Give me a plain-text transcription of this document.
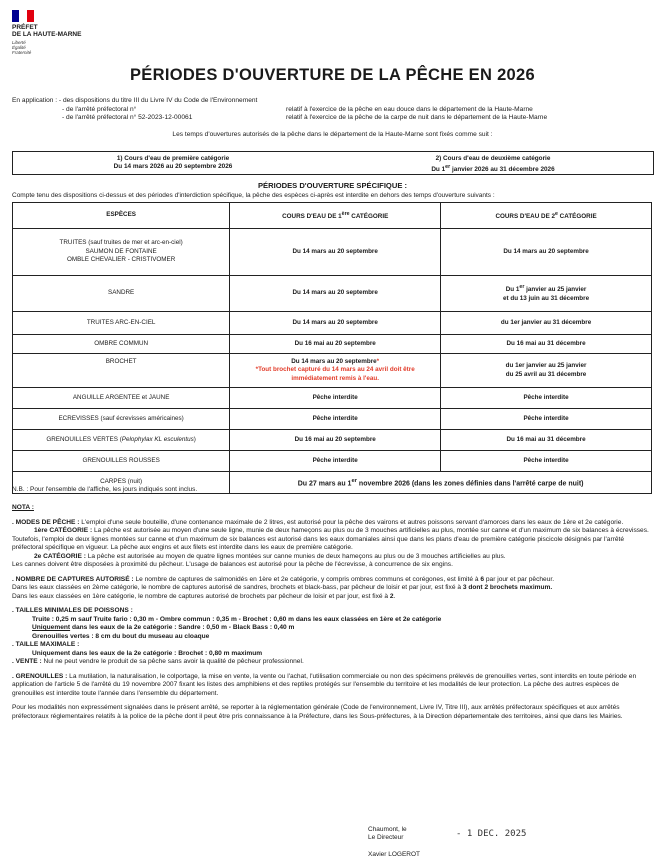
PRÉFET
DE LA HAUTE-MARNE
Liberté
Égalité
Fraternité
PÉRIODES D'OUVERTURE DE LA PÊCHE EN 2026
En application : - des dispositions du titre III du Livre IV du Code de l'Environnement
- de l'arrêté préfectoral n°	relatif à l'exercice de la pêche en eau douce dans le département de la Haute-Marne
- de l'arrêté préfectoral n° 52-2023-12-00061	relatif à l'exercice de la pêche de la carpe de nuit dans le département de la Haute-Marne
Les temps d'ouvertures autorisés de la pêche dans le département de la Haute-Marne sont fixés comme suit :
1) Cours d'eau de première catégorie
Du 14 mars 2026 au 20 septembre 2026
2) Cours d'eau de deuxième catégorie
Du 1er janvier 2026 au 31 décembre 2026
PÉRIODES D'OUVERTURE SPÉCIFIQUE :
Compte tenu des dispositions ci-dessus et des périodes d'interdiction spécifique, la pêche des espèces ci-après est interdite en dehors des temps d'ouverture suivants :
ESPÈCES	COURS D'EAU DE 1ère CATÉGORIE	COURS D'EAU DE 2e CATÉGORIE
TRUITES (sauf truites de mer et arc-en-ciel)
SAUMON DE FONTAINE
OMBLE CHEVALIER - CRISTIVOMER	Du 14 mars au 20 septembre	Du 14 mars au 20 septembre
SANDRE	Du 14 mars au 20 septembre	Du 1er janvier au 25 janvier
et du 13 juin au 31 décembre
TRUITES ARC-EN-CIEL	Du 14 mars au 20 septembre	du 1er janvier au 31 décembre
OMBRE COMMUN	Du 16 mai au 20 septembre	Du 16 mai au 31 décembre
BROCHET	Du 14 mars au 20 septembre*
*Tout brochet capturé du 14 mars au 24 avril doit être immédiatement remis à l'eau.	du 1er janvier au 25 janvier
du 25 avril au 31 décembre
ANGUILLE ARGENTEE et JAUNE	Pêche interdite	Pêche interdite
ECREVISSES (sauf écrevisses américaines)	Pêche interdite	Pêche interdite
GRENOUILLES VERTES (Pelophylax KL esculentus)	Du 16 mai au 20 septembre	Du 16 mai au 31 décembre
GRENOUILLES ROUSSES	Pêche interdite	Pêche interdite
CARPES (nuit)	Du 27 mars au 1er novembre 2026 (dans les zones définies dans l'arrêté carpe de nuit)	
N.B. : Pour l'ensemble de l'affiche, les jours indiqués sont inclus.

NOTA :

. MODES DE PÊCHE : L'emploi d'une seule bouteille, d'une contenance maximale de 2 litres, est autorisé pour la pêche des vairons et autres poissons servant d'amorces dans les eaux de 1ère et 2e catégorie.

1ère CATÉGORIE : La pêche est autorisée au moyen d'une seule ligne, munie de deux hameçons au plus ou de 3 mouches artificielles au plus, montée sur canne et d'un maximum de six balances à écrevisses. Toutefois, l'emploi de deux lignes montées sur canne et d'un maximum de six balances est autorisé dans les eaux domaniales ainsi que dans les plans d'eau de première catégorie piscicole désignés par l'arrêté préfectoral spécifique en vigueur. La pêche aux engins et aux filets est interdite dans les eaux de première catégorie.

2e CATÉGORIE : La pêche est autorisée au moyen de quatre lignes montées sur canne munies de deux hameçons au plus ou de 3 mouches artificielles au plus.

Les cannes doivent être disposées à proximité du pêcheur. L'usage de balances est autorisé pour la pêche de l'écrevisse, à concurrence de six engins.

. NOMBRE DE CAPTURES AUTORISÉ : Le nombre de captures de salmonidés en 1ère et 2e catégorie, y compris ombres communs et corégones, est limité à 6 par jour et par pêcheur.

Dans les eaux classées en 2ème catégorie, le nombre de captures autorisé de sandres, brochets et black-bass, par pêcheur de loisir et par jour, est fixé à 3 dont 2 brochets maximum.

Dans les eaux classées en 1ère catégorie, le nombre de captures autorisé de brochets par pêcheur de loisir et par jour, est fixé à 2.

. TAILLES MINIMALES DE POISSONS :

Truite : 0,25 m sauf Truite fario : 0,30 m - Ombre commun : 0,35 m - Brochet : 0,60 m dans les eaux classées en 1ère et 2e catégorie

Uniquement dans les eaux de la 2e catégorie : Sandre : 0,50 m - Black Bass : 0,40 m

Grenouilles vertes : 8 cm du bout du museau au cloaque

. TAILLE MAXIMALE :

Uniquement dans les eaux de la 2e catégorie : Brochet : 0,80 m maximum

. VENTE : Nul ne peut vendre le produit de sa pêche sans avoir la qualité de pêcheur professionnel.

. GRENOUILLES : La mutilation, la naturalisation, le colportage, la mise en vente, la vente ou l'achat, l'utilisation commerciale ou non des spécimens prélevés de grenouilles vertes, sont interdits en toute période en application de l'article 5 de l'arrêté du 19 novembre 2007 fixant les listes des amphibiens et des reptiles protégés sur l'ensemble du territoire et les modalités de leur protection. La pêche des autres espèces de grenouilles est interdite toute l'année dans l'ensemble du département.

Pour les modalités non expressément signalées dans le présent arrêté, se reporter à la réglementation générale (Code de l'environnement, Livre IV, Titre III), aux arrêtés préfectoraux spécifiques et aux arrêtés préfectoraux réglementaires relatifs à la police de la pêche dont il peut être pris connaissance à la Préfecture, dans les Sous-préfectures, à la Direction départementale des territoires, ainsi que dans les Mairies.

Chaumont, le
Le Directeur
Xavier LOGEROT
- 1 DEC. 2025
